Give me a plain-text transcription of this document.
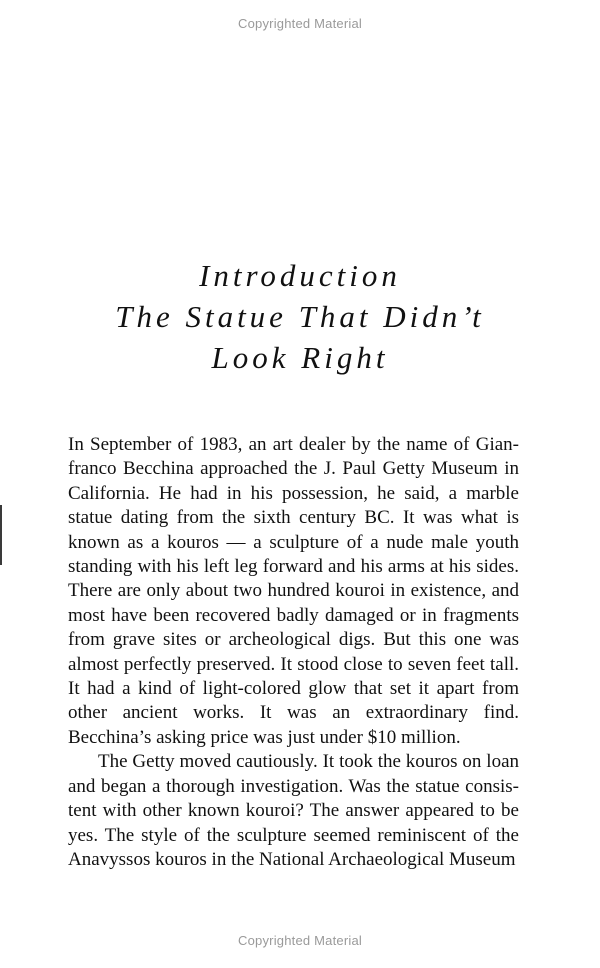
Copyrighted Material
Introduction
The Statue That Didn’t
Look Right

In September of 1983, an art dealer by the name of Gianfranco Becchina approached the J. Paul Getty Museum in California. He had in his possession, he said, a marble statue dating from the sixth century BC. It was what is known as a kouros — a sculpture of a nude male youth standing with his left leg forward and his arms at his sides. There are only about two hundred kouroi in existence, and most have been recovered badly damaged or in fragments from grave sites or archeological digs. But this one was almost perfectly preserved. It stood close to seven feet tall. It had a kind of light-colored glow that set it apart from other ancient works. It was an extraordinary find. Becchina’s asking price was just under $10 million.

The Getty moved cautiously. It took the kouros on loan and began a thorough investigation. Was the statue consistent with other known kouroi? The answer appeared to be yes. The style of the sculpture seemed reminiscent of the Anavyssos kouros in the National Archaeological Museum

Copyrighted Material
